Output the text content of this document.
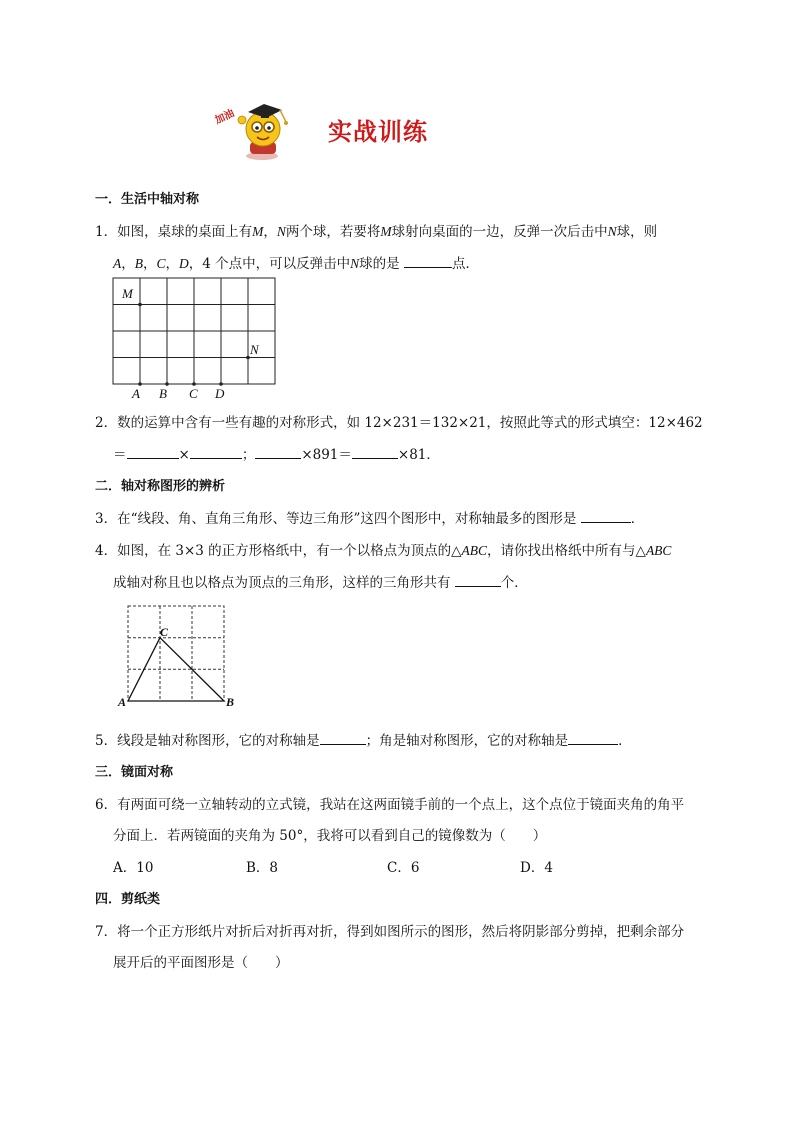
加油
实战训练
一．生活中轴对称
1．如图，桌球的桌面上有M，N两个球，若要将M球射向桌面的一边，反弹一次后击中N球，则
A，B，C，D，4 个点中，可以反弹击中N球的是	点．
M
N
A B C D
2．数的运算中含有一些有趣的对称形式，如 12×231＝132×21，按照此等式的形式填空：12×462
＝	×	；	×891＝	×81．
二．轴对称图形的辨析
3．在“线段、角、直角三角形、等边三角形”这四个图形中，对称轴最多的图形是	．
4．如图，在 3×3 的正方形格纸中，有一个以格点为顶点的△ABC，请你找出格纸中所有与△ABC
成轴对称且也以格点为顶点的三角形，这样的三角形共有	个．
A	B
C
5．线段是轴对称图形，它的对称轴是	；角是轴对称图形，它的对称轴是	．
三．镜面对称
6．有两面可绕一立轴转动的立式镜，我站在这两面镜手前的一个点上，这个点位于镜面夹角的角平
分面上．若两镜面的夹角为 50°，我将可以看到自己的镜像数为（　　）
A．10	B．8	C．6	D．4
四．剪纸类
7．将一个正方形纸片对折后对折再对折，得到如图所示的图形，然后将阴影部分剪掉，把剩余部分
展开后的平面图形是（　　）
